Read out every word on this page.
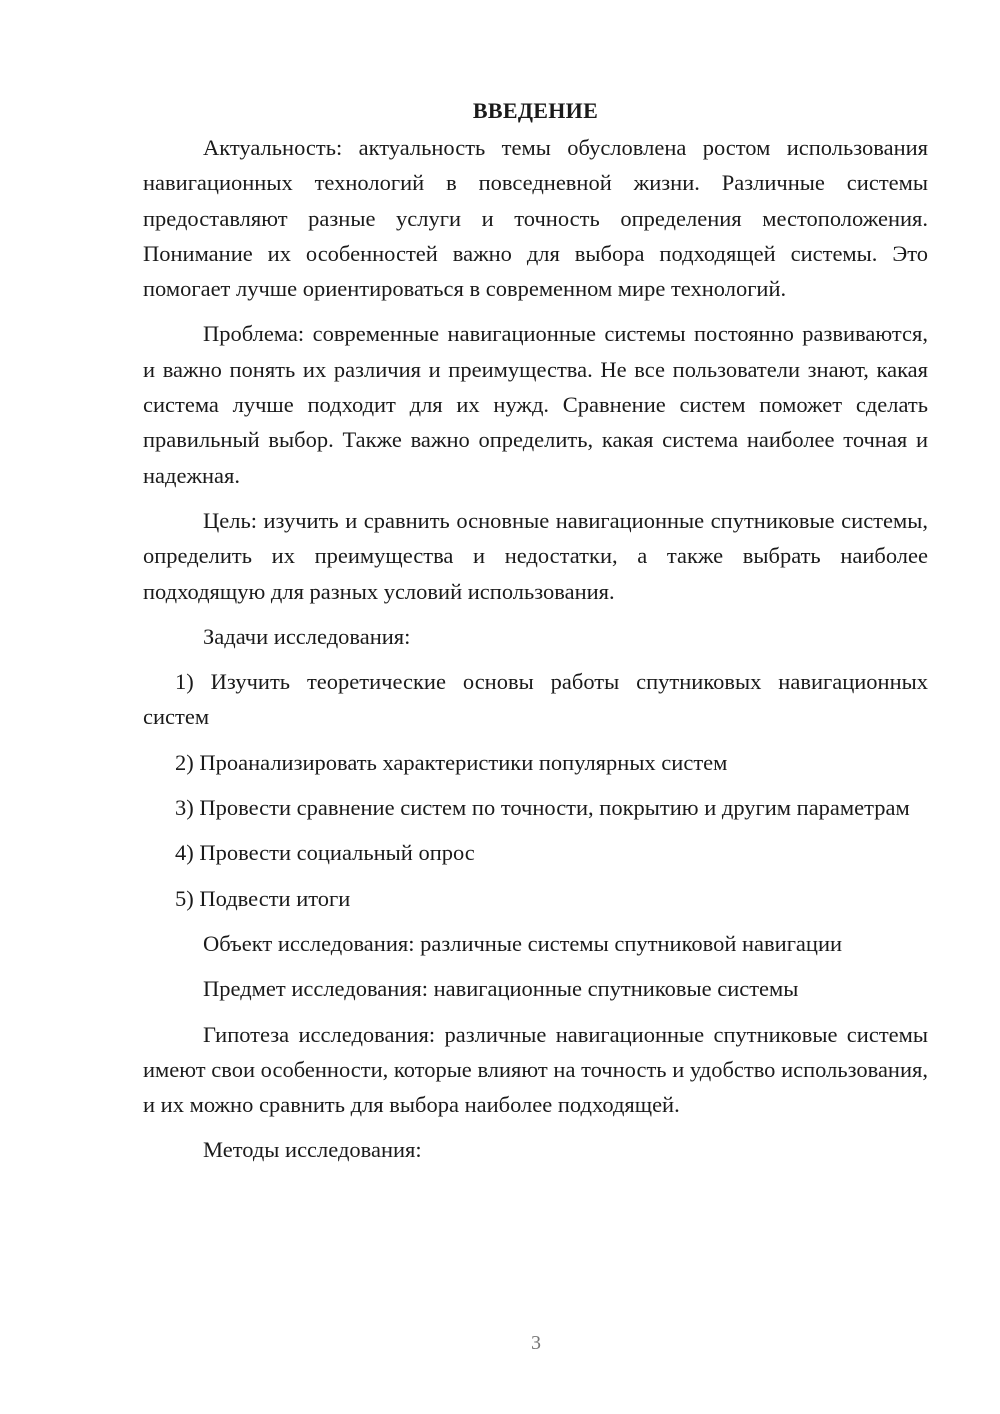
ВВЕДЕНИЕ

Актуальность: актуальность темы обусловлена ростом использования навигационных технологий в повседневной жизни. Различные системы предоставляют разные услуги и точность определения местоположения. Понимание их особенностей важно для выбора подходящей системы. Это помогает лучше ориентироваться в современном мире технологий.

Проблема: современные навигационные системы постоянно развиваются, и важно понять их различия и преимущества. Не все пользователи знают, какая система лучше подходит для их нужд. Сравнение систем поможет сделать правильный выбор. Также важно определить, какая система наиболее точная и надежная.

Цель: изучить и сравнить основные навигационные спутниковые системы, определить их преимущества и недостатки, а также выбрать наиболее подходящую для разных условий использования.

Задачи исследования:

1) Изучить теоретические основы работы спутниковых навигационных систем

2) Проанализировать характеристики популярных систем

3) Провести сравнение систем по точности, покрытию и другим параметрам

4) Провести социальный опрос

5) Подвести итоги

Объект исследования: различные системы спутниковой навигации

Предмет исследования: навигационные спутниковые системы

Гипотеза исследования: различные навигационные спутниковые системы имеют свои особенности, которые влияют на точность и удобство использования, и их можно сравнить для выбора наиболее подходящей.

Методы исследования:

3
